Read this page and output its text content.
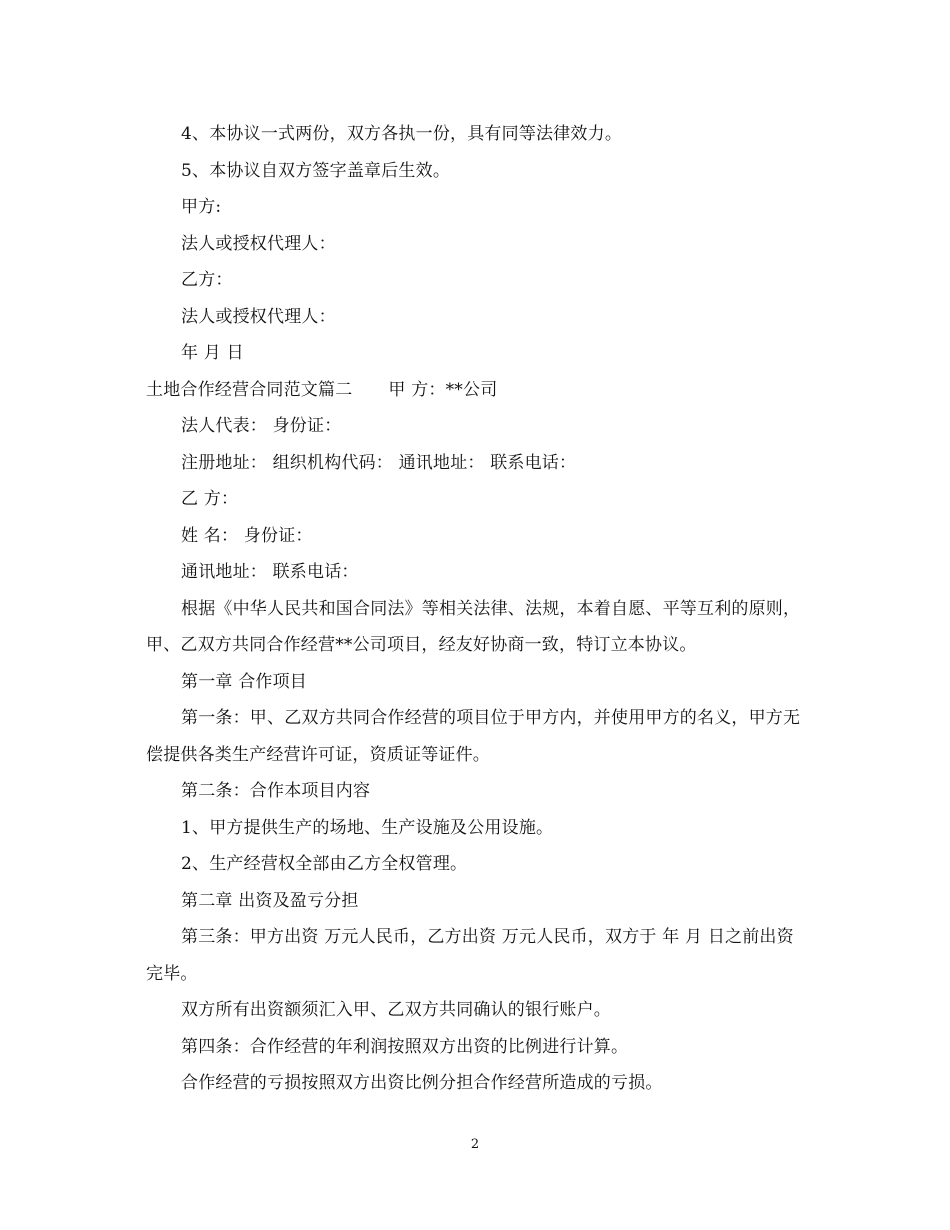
4、本协议一式两份，双方各执一份，具有同等法律效力。

5、本协议自双方签字盖章后生效。

甲方:

法人或授权代理人：

乙方：

法人或授权代理人：

年 月 日

土地合作经营合同范文篇二 甲 方：**公司

法人代表： 身份证：

注册地址： 组织机构代码： 通讯地址： 联系电话：

乙 方：

姓 名： 身份证：

通讯地址： 联系电话：

根据《中华人民共和国合同法》等相关法律、法规，本着自愿、平等互利的原则，甲、乙双方共同合作经营**公司项目，经友好协商一致，特订立本协议。

第一章 合作项目

第一条：甲、乙双方共同合作经营的项目位于甲方内，并使用甲方的名义，甲方无偿提供各类生产经营许可证，资质证等证件。

第二条：合作本项目内容

1、甲方提供生产的场地、生产设施及公用设施。

2、生产经营权全部由乙方全权管理。

第二章 出资及盈亏分担

第三条：甲方出资 万元人民币，乙方出资 万元人民币，双方于 年 月 日之前出资完毕。

双方所有出资额须汇入甲、乙双方共同确认的银行账户。

第四条：合作经营的年利润按照双方出资的比例进行计算。

合作经营的亏损按照双方出资比例分担合作经营所造成的亏损。

2
